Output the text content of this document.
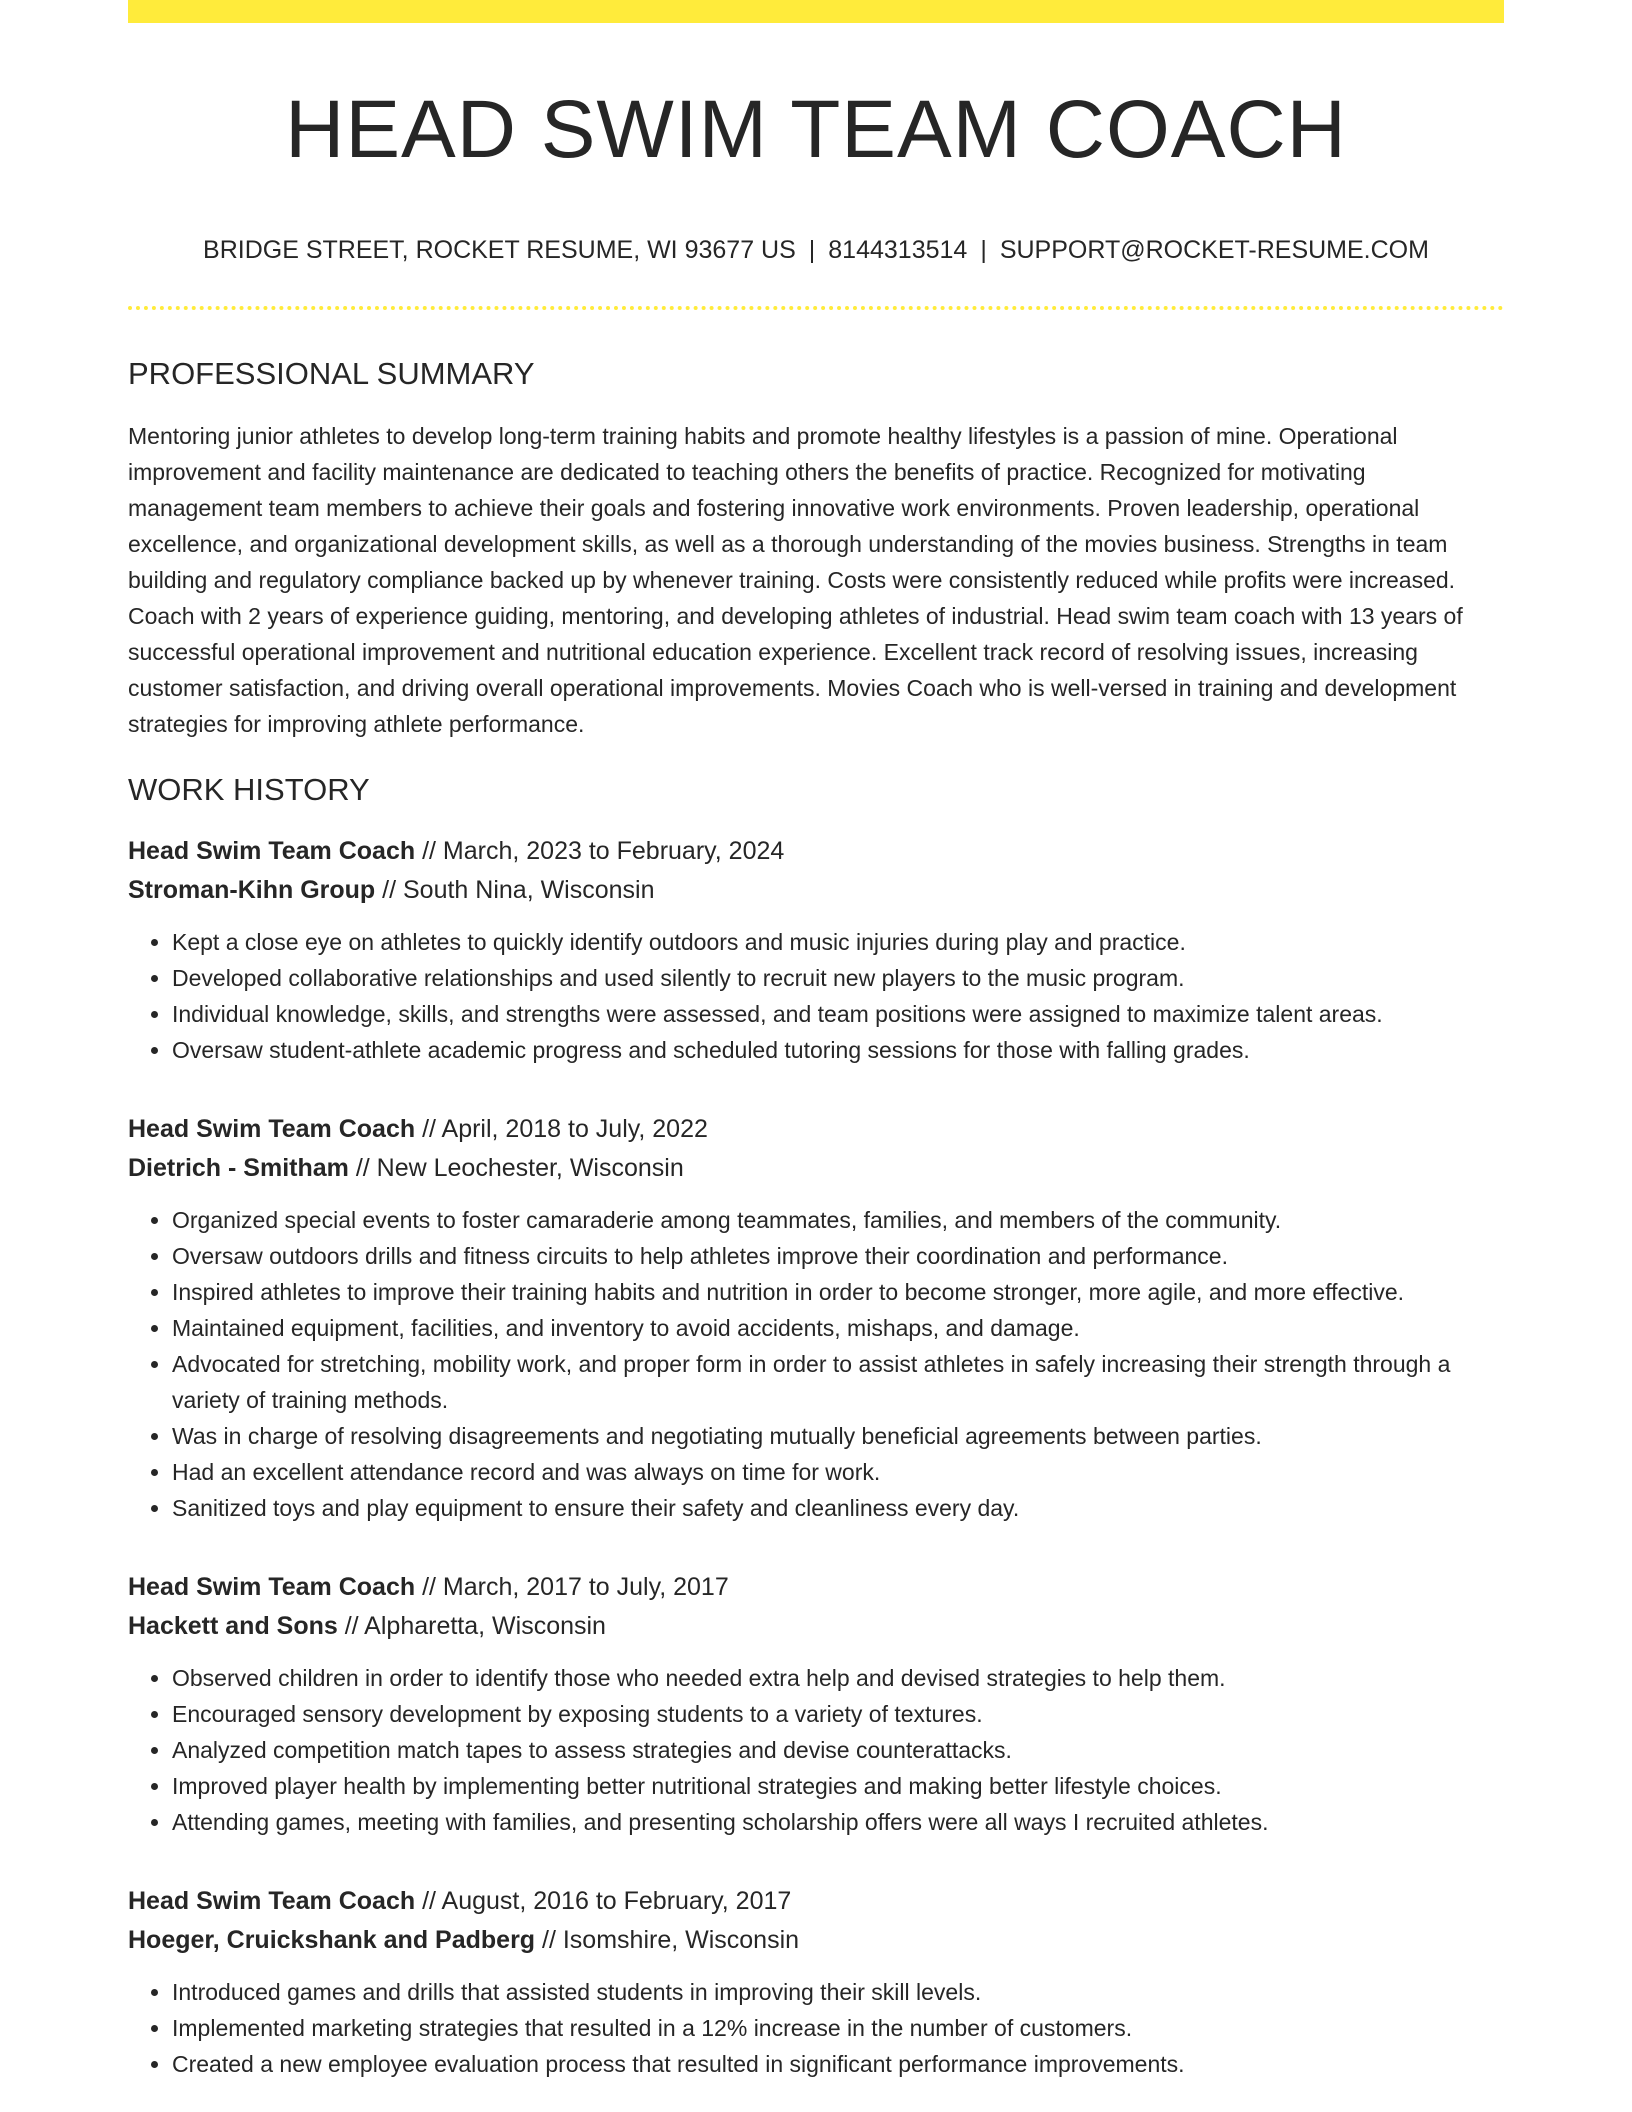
HEAD SWIM TEAM COACH
BRIDGE STREET, ROCKET RESUME, WI 93677 US | 8144313514 | SUPPORT@ROCKET-RESUME.COM
PROFESSIONAL SUMMARY

Mentoring junior athletes to develop long-term training habits and promote healthy lifestyles is a passion of mine. Operational improvement and facility maintenance are dedicated to teaching others the benefits of practice. Recognized for motivating management team members to achieve their goals and fostering innovative work environments. Proven leadership, operational excellence, and organizational development skills, as well as a thorough understanding of the movies business. Strengths in team building and regulatory compliance backed up by whenever training. Costs were consistently reduced while profits were increased. Coach with 2 years of experience guiding, mentoring, and developing athletes of industrial. Head swim team coach with 13 years of successful operational improvement and nutritional education experience. Excellent track record of resolving issues, increasing customer satisfaction, and driving overall operational improvements. Movies Coach who is well-versed in training and development strategies for improving athlete performance.

WORK HISTORY
Head Swim Team Coach // March, 2023 to February, 2024
Stroman-Kihn Group // South Nina, Wisconsin
• Kept a close eye on athletes to quickly identify outdoors and music injuries during play and practice.
• Developed collaborative relationships and used silently to recruit new players to the music program.
• Individual knowledge, skills, and strengths were assessed, and team positions were assigned to maximize talent areas.
• Oversaw student-athlete academic progress and scheduled tutoring sessions for those with falling grades.
Head Swim Team Coach // April, 2018 to July, 2022
Dietrich - Smitham // New Leochester, Wisconsin
• Organized special events to foster camaraderie among teammates, families, and members of the community.
• Oversaw outdoors drills and fitness circuits to help athletes improve their coordination and performance.
• Inspired athletes to improve their training habits and nutrition in order to become stronger, more agile, and more effective.
• Maintained equipment, facilities, and inventory to avoid accidents, mishaps, and damage.
• Advocated for stretching, mobility work, and proper form in order to assist athletes in safely increasing their strength through a variety of training methods.
• Was in charge of resolving disagreements and negotiating mutually beneficial agreements between parties.
• Had an excellent attendance record and was always on time for work.
• Sanitized toys and play equipment to ensure their safety and cleanliness every day.
Head Swim Team Coach // March, 2017 to July, 2017
Hackett and Sons // Alpharetta, Wisconsin
• Observed children in order to identify those who needed extra help and devised strategies to help them.
• Encouraged sensory development by exposing students to a variety of textures.
• Analyzed competition match tapes to assess strategies and devise counterattacks.
• Improved player health by implementing better nutritional strategies and making better lifestyle choices.
• Attending games, meeting with families, and presenting scholarship offers were all ways I recruited athletes.
Head Swim Team Coach // August, 2016 to February, 2017
Hoeger, Cruickshank and Padberg // Isomshire, Wisconsin
• Introduced games and drills that assisted students in improving their skill levels.
• Implemented marketing strategies that resulted in a 12% increase in the number of customers.
• Created a new employee evaluation process that resulted in significant performance improvements.
